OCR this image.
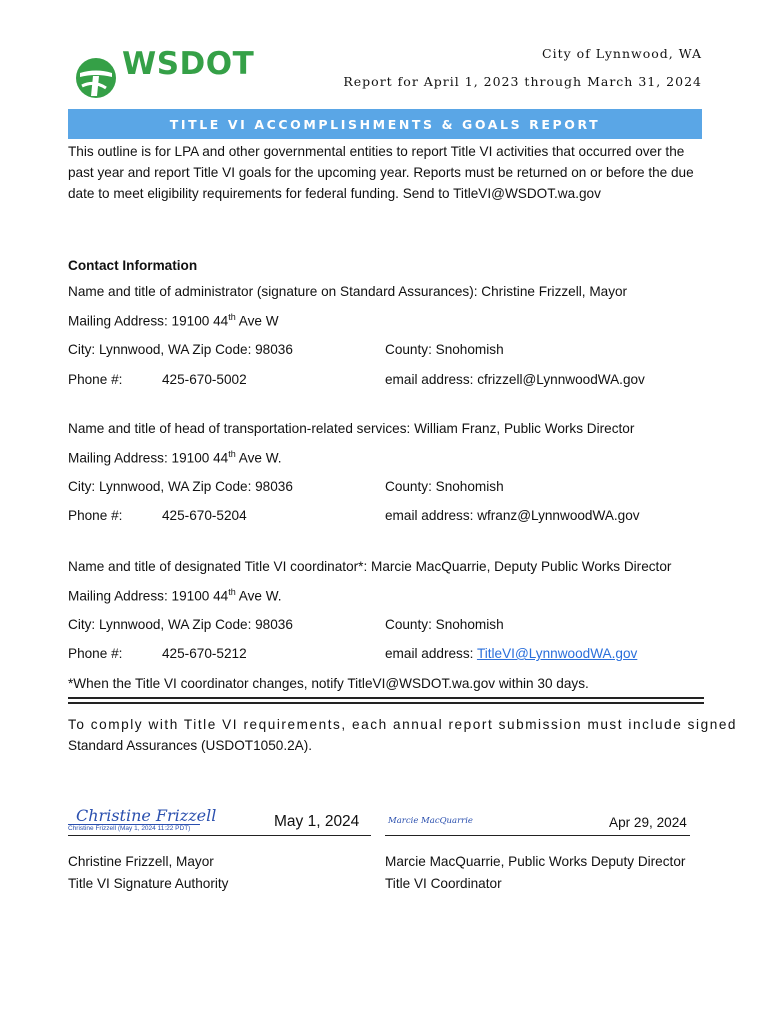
WSDOT	City of Lynnwood, WA
Report for April 1, 2023 through March 31, 2024
TITLE VI ACCOMPLISHMENTS & GOALS REPORT
This outline is for LPA and other governmental entities to report Title VI activities that occurred over the
past year and report Title VI goals for the upcoming year. Reports must be returned on or before the due
date to meet eligibility requirements for federal funding. Send to TitleVI@WSDOT.wa.gov
Contact Information
Name and title of administrator (signature on Standard Assurances): Christine Frizzell, Mayor
Mailing Address: 19100 44th Ave W
City: Lynnwood, WA Zip Code: 98036	County: Snohomish
Phone #:	425-670-5002	email address: cfrizzell@LynnwoodWA.gov
Name and title of head of transportation-related services: William Franz, Public Works Director
Mailing Address: 19100 44th Ave W.
City: Lynnwood, WA Zip Code: 98036	County: Snohomish
Phone #:	425-670-5204	email address: wfranz@LynnwoodWA.gov
Name and title of designated Title VI coordinator*: Marcie MacQuarrie, Deputy Public Works Director
Mailing Address: 19100 44th Ave W.
City: Lynnwood, WA Zip Code: 98036	County: Snohomish
Phone #:	425-670-5212	email address: TitleVI@LynnwoodWA.gov
*When the Title VI coordinator changes, notify TitleVI@WSDOT.wa.gov within 30 days.
To comply with Title VI requirements, each annual report submission must include signed
Standard Assurances (USDOT1050.2A).
Christine Frizzell
Christine Frizzell (May 1, 2024 11:22 PDT)	May 1, 2024
Christine Frizzell, Mayor
Title VI Signature Authority
Marcie MacQuarrie	Apr 29, 2024
Marcie MacQuarrie, Public Works Deputy Director
Title VI Coordinator
